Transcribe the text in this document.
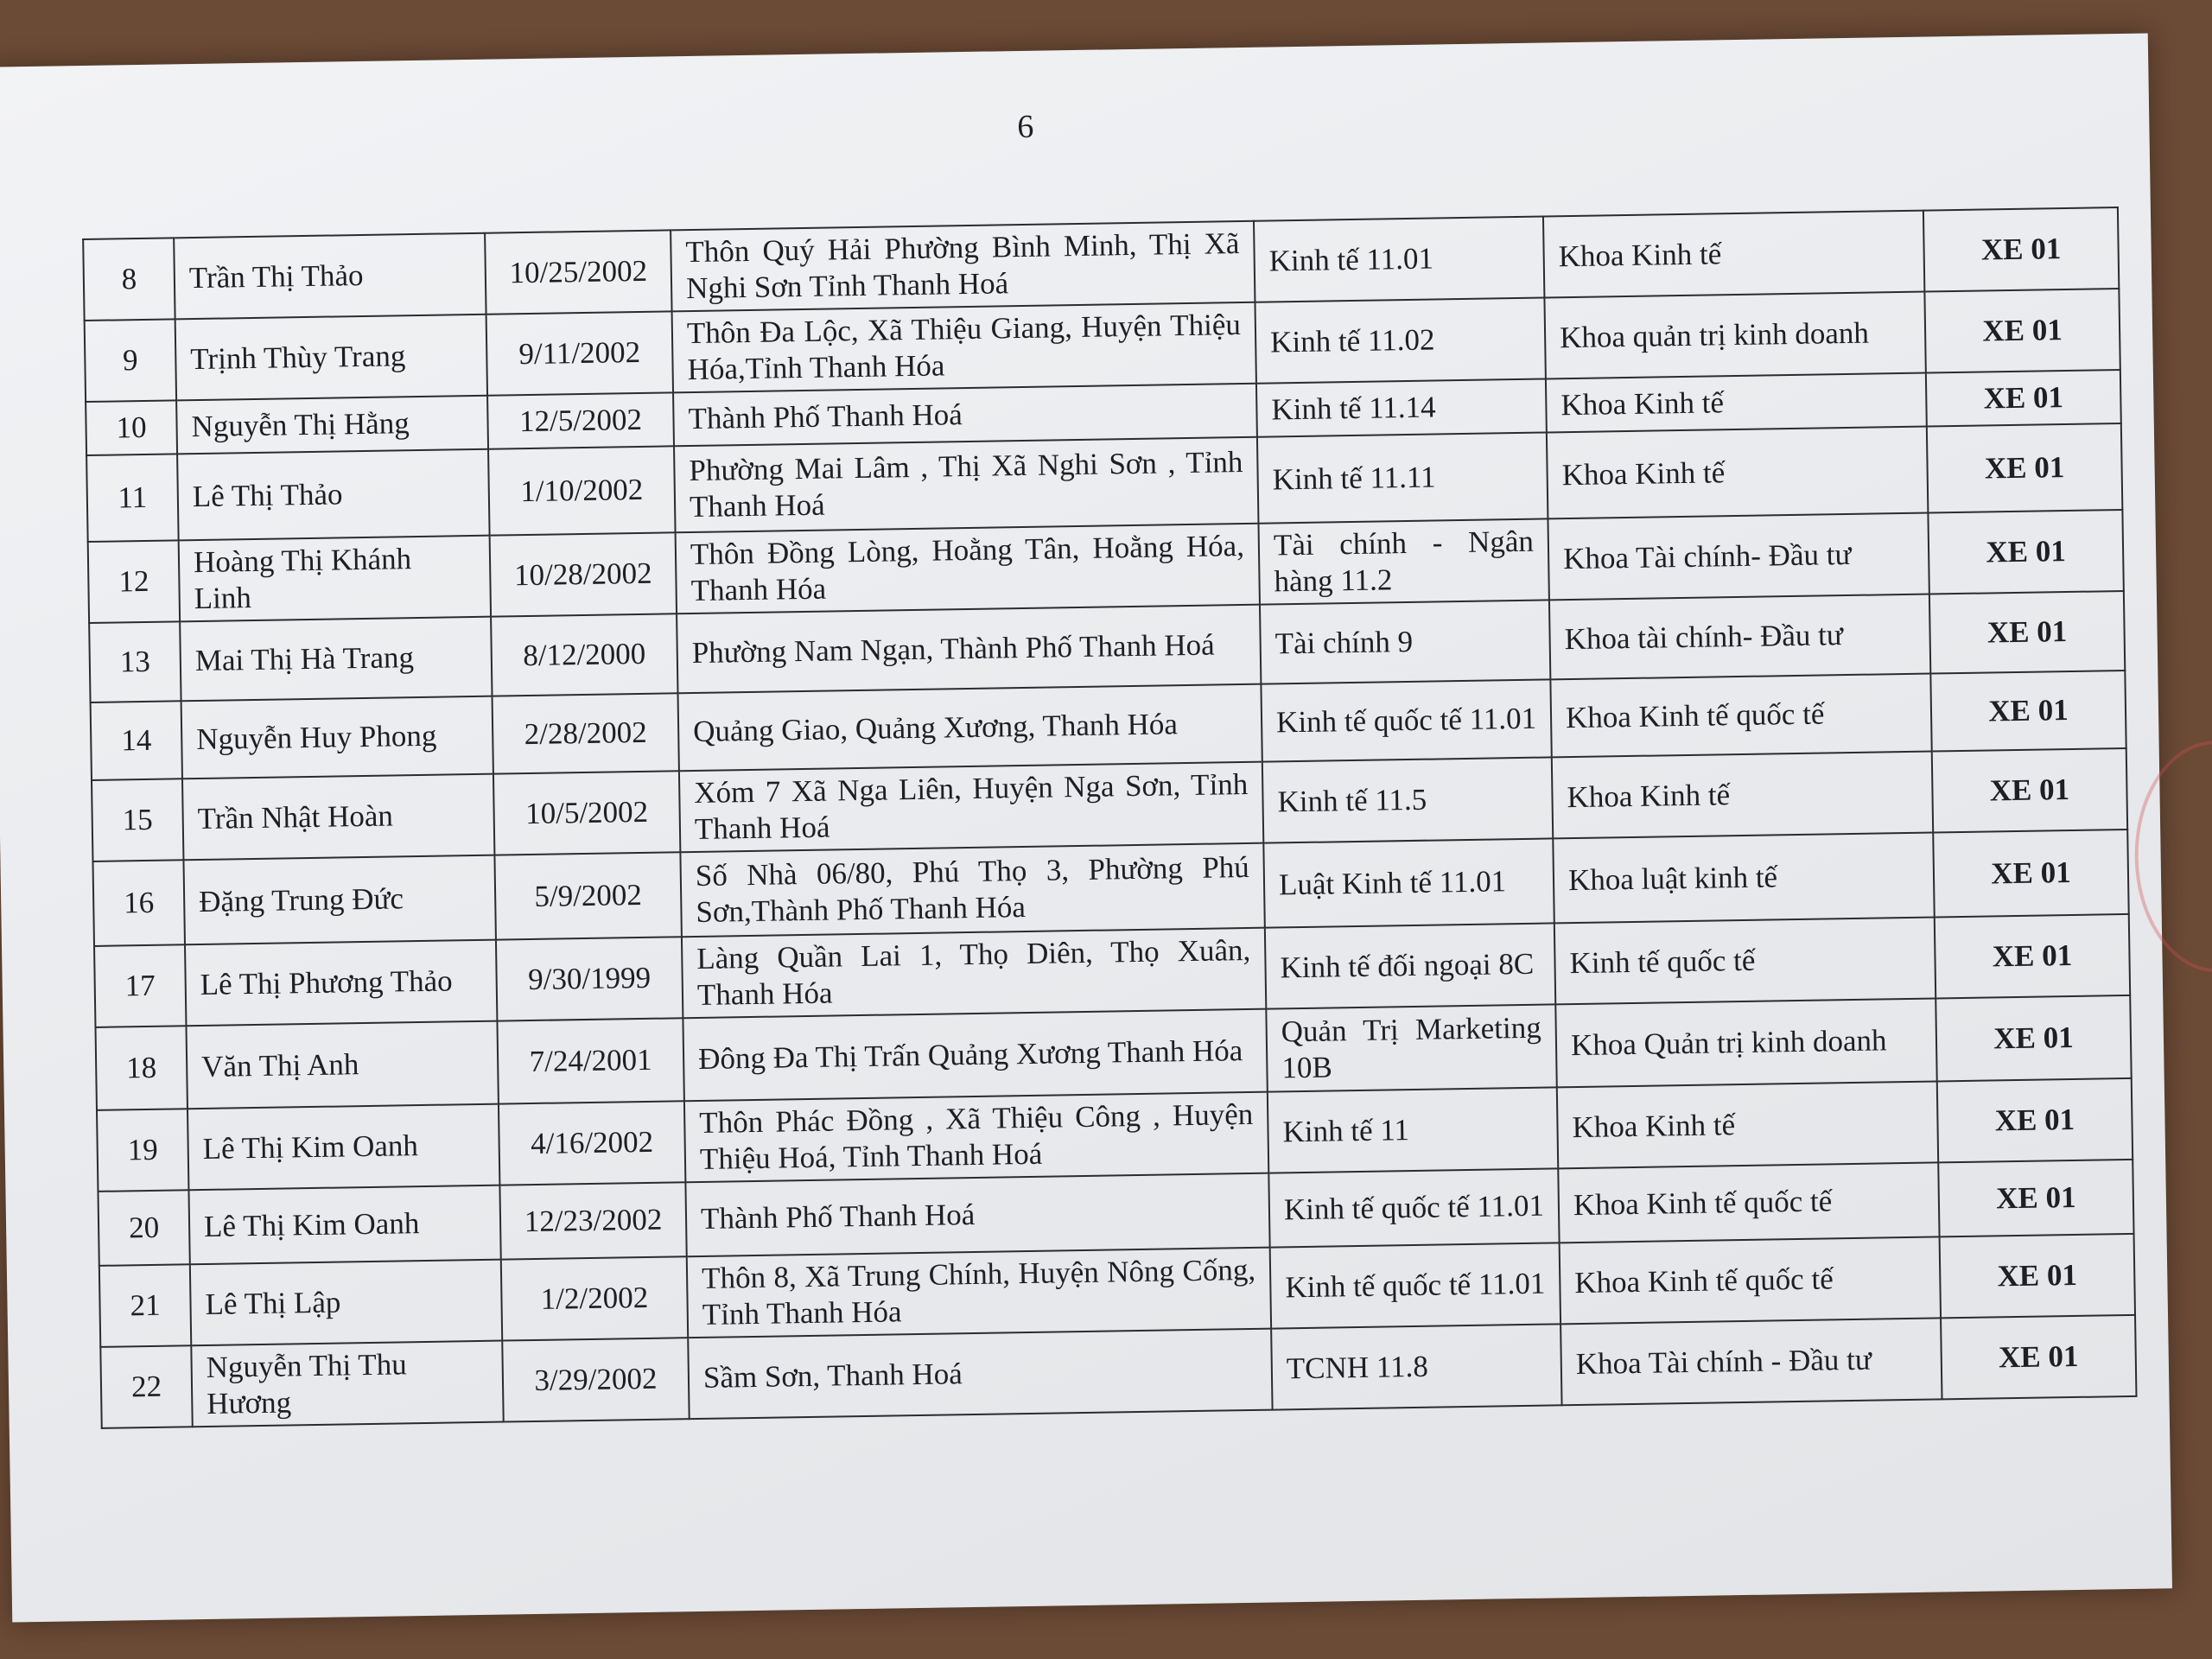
6
8	Trần Thị Thảo	10/25/2002	Thôn Quý Hải Phường Bình Minh, Thị Xã Nghi Sơn Tỉnh Thanh Hoá	Kinh tế 11.01	Khoa Kinh tế	XE 01
9	Trịnh Thùy Trang	9/11/2002	Thôn Đa Lộc, Xã Thiệu Giang, Huyện Thiệu Hóa,Tỉnh Thanh Hóa	Kinh tế 11.02	Khoa quản trị kinh doanh	XE 01
10	Nguyễn Thị Hằng	12/5/2002	Thành Phố Thanh Hoá	Kinh tế 11.14	Khoa Kinh tế	XE 01
11	Lê Thị Thảo	1/10/2002	Phường Mai Lâm , Thị Xã Nghi Sơn , Tỉnh Thanh Hoá	Kinh tế 11.11	Khoa Kinh tế	XE 01
12	Hoàng Thị Khánh Linh	10/28/2002	Thôn Đồng Lòng, Hoằng Tân, Hoằng Hóa, Thanh Hóa	Tài chính - Ngân hàng 11.2	Khoa Tài chính- Đầu tư	XE 01
13	Mai Thị Hà Trang	8/12/2000	Phường Nam Ngạn, Thành Phố Thanh Hoá	Tài chính 9	Khoa tài chính- Đầu tư	XE 01
14	Nguyễn Huy Phong	2/28/2002	Quảng Giao, Quảng Xương, Thanh Hóa	Kinh tế quốc tế 11.01	Khoa Kinh tế quốc tế	XE 01
15	Trần Nhật Hoàn	10/5/2002	Xóm 7 Xã Nga Liên, Huyện Nga Sơn, Tỉnh Thanh Hoá	Kinh tế 11.5	Khoa Kinh tế	XE 01
16	Đặng Trung Đức	5/9/2002	Số Nhà 06/80, Phú Thọ 3, Phường Phú Sơn,Thành Phố Thanh Hóa	Luật Kinh tế 11.01	Khoa luật kinh tế	XE 01
17	Lê Thị Phương Thảo	9/30/1999	Làng Quần Lai 1, Thọ Diên, Thọ Xuân, Thanh Hóa	Kinh tế đối ngoại 8C	Kinh tế quốc tế	XE 01
18	Văn Thị Anh	7/24/2001	Đông Đa Thị Trấn Quảng Xương Thanh Hóa	Quản Trị Marketing 10B	Khoa Quản trị kinh doanh	XE 01
19	Lê Thị Kim Oanh	4/16/2002	Thôn Phác Đồng , Xã Thiệu Công , Huyện Thiệu Hoá, Tỉnh Thanh Hoá	Kinh tế 11	Khoa Kinh tế	XE 01
20	Lê Thị Kim Oanh	12/23/2002	Thành Phố Thanh Hoá	Kinh tế quốc tế 11.01	Khoa Kinh tế quốc tế	XE 01
21	Lê Thị Lập	1/2/2002	Thôn 8, Xã Trung Chính, Huyện Nông Cống, Tỉnh Thanh Hóa	Kinh tế quốc tế 11.01	Khoa Kinh tế quốc tế	XE 01
22	Nguyễn Thị Thu Hương	3/29/2002	Sầm Sơn, Thanh Hoá	TCNH 11.8	Khoa Tài chính - Đầu tư	XE 01
